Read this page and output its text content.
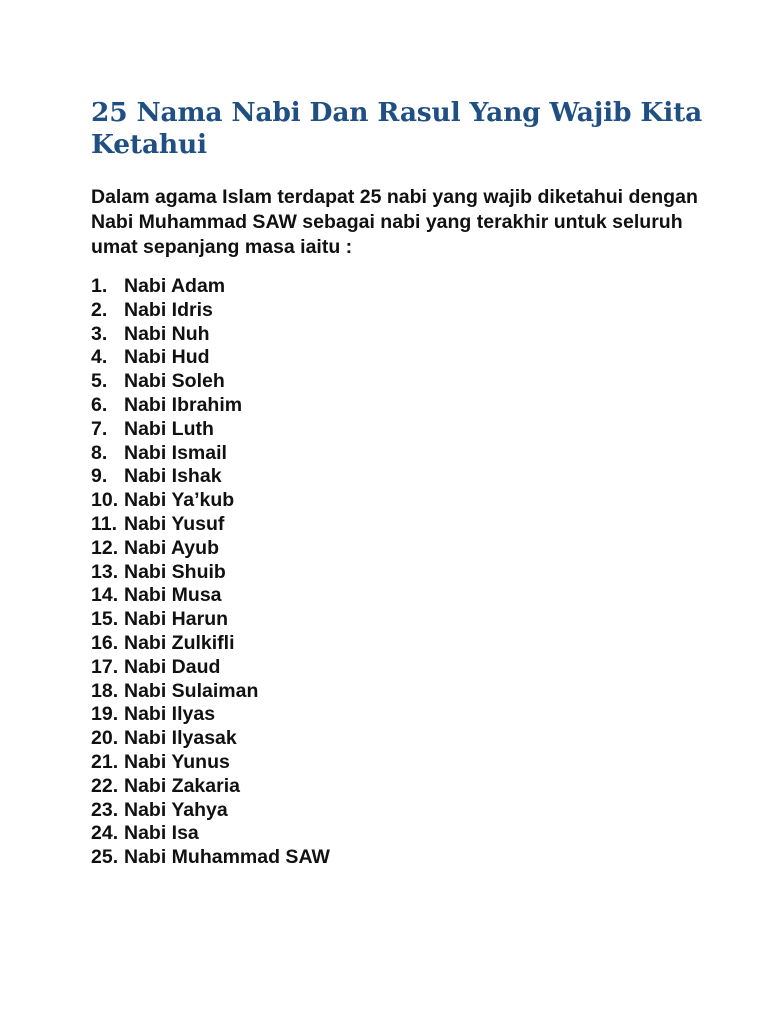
25 Nama Nabi Dan Rasul Yang Wajib Kita Ketahui

Dalam agama Islam terdapat 25 nabi yang wajib diketahui dengan Nabi Muhammad SAW sebagai nabi yang terakhir untuk seluruh umat sepanjang masa iaitu :

1. Nabi Adam
2. Nabi Idris
3. Nabi Nuh
4. Nabi Hud
5. Nabi Soleh
6. Nabi Ibrahim
7. Nabi Luth
8. Nabi Ismail
9. Nabi Ishak
10. Nabi Ya’kub
11. Nabi Yusuf
12. Nabi Ayub
13. Nabi Shuib
14. Nabi Musa
15. Nabi Harun
16. Nabi Zulkifli
17. Nabi Daud
18. Nabi Sulaiman
19. Nabi Ilyas
20. Nabi Ilyasak
21. Nabi Yunus
22. Nabi Zakaria
23. Nabi Yahya
24. Nabi Isa
25. Nabi Muhammad SAW
